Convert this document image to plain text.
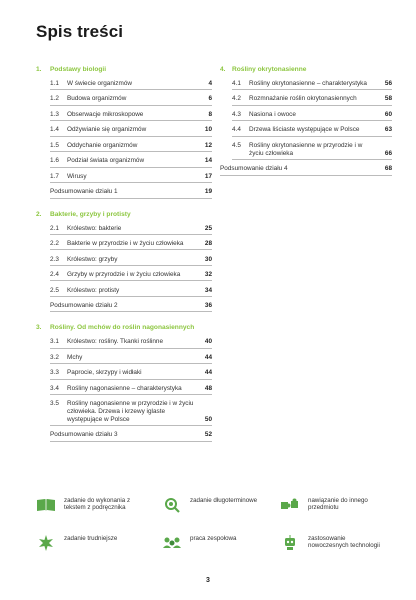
Spis treści
1.	Podstawy biologii
1.1	W świecie organizmów	4
1.2	Budowa organizmów	6
1.3	Obserwacje mikroskopowe	8
1.4	Odżywianie się organizmów	10
1.5	Oddychanie organizmów	12
1.6	Podział świata organizmów	14
1.7	Wirusy	17
Podsumowanie działu 1	19
2.	Bakterie, grzyby i protisty
2.1	Królestwo: bakterie	25
2.2	Bakterie w przyrodzie i w życiu człowieka	28
2.3	Królestwo: grzyby	30
2.4	Grzyby w przyrodzie i w życiu człowieka	32
2.5	Królestwo: protisty	34
Podsumowanie działu 2	36
3.	Rośliny. Od mchów do roślin nagonasiennych
3.1	Królestwo: rośliny. Tkanki roślinne	40
3.2	Mchy	44
3.3	Paprocie, skrzypy i widłaki	44
3.4	Rośliny nagonasienne – charakterystyka	48
3.5	Rośliny nagonasienne w przyrodzie i w życiu człowieka. Drzewa i krzewy iglaste występujące w Polsce	50
Podsumowanie działu 3	52
4. Rośliny okrytonasienne
4.1	Rośliny okrytonasienne – charakterystyka	56
4.2	Rozmnażanie roślin okrytonasiennych	58
4.3	Nasiona i owoce	60
4.4	Drzewa liściaste występujące w Polsce	63
4.5	Rośliny okrytonasienne w przyrodzie i w życiu człowieka	66
Podsumowanie działu 4	68
zadanie do wykonania z tekstem z podręcznika
zadanie długoterminowe	nawiązanie do innego przedmiotu
zadanie trudniejsze	praca zespołowa	zastosowanie nowoczesnych technologii
3
